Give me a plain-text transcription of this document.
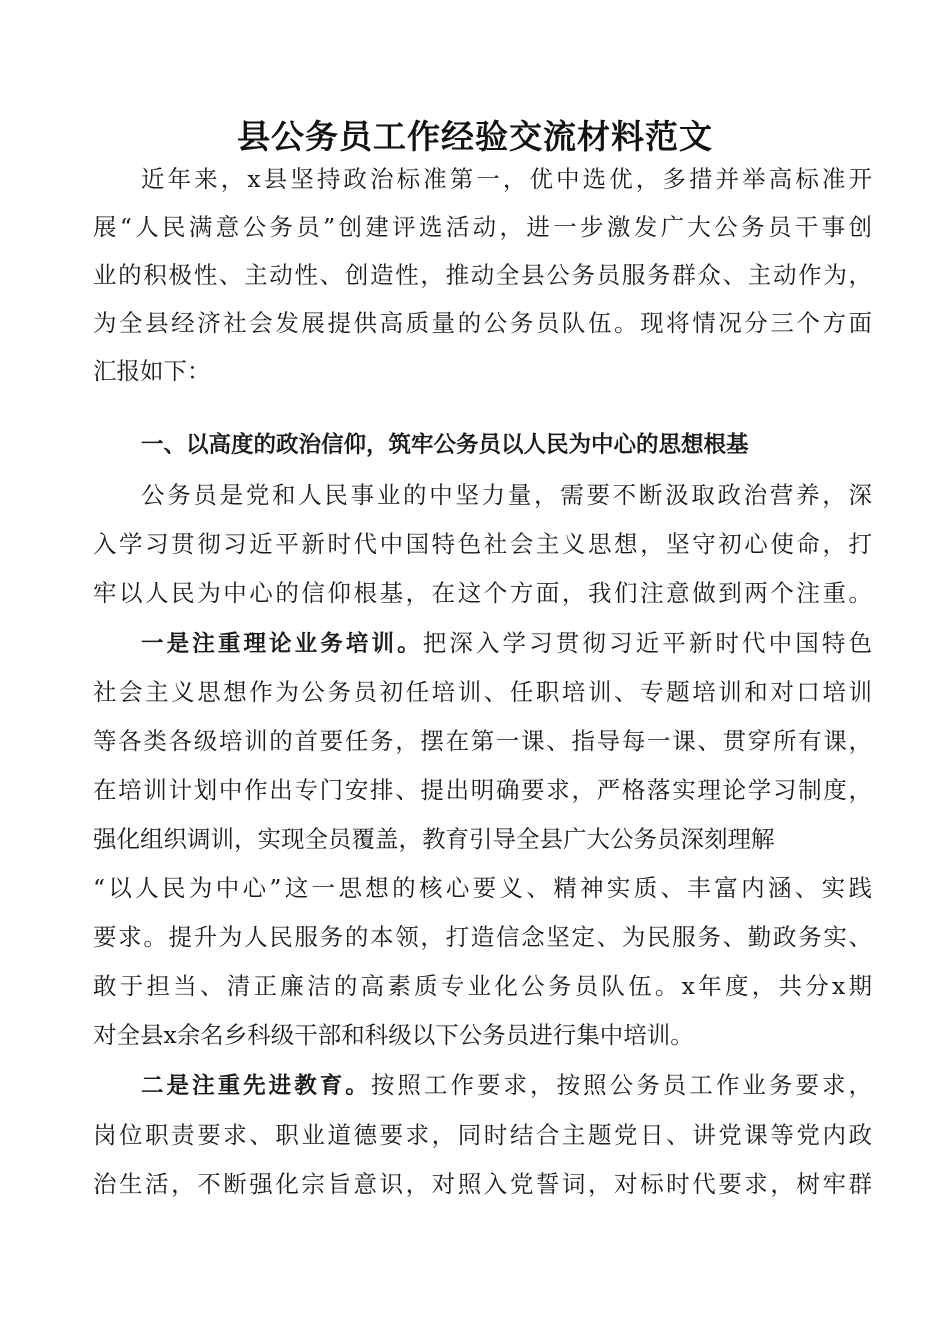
县公务员工作经验交流材料范文
近年来，x县坚持政治标准第一，优中选优，多措并举高标准开
展“人民满意公务员”创建评选活动，进一步激发广大公务员干事创
业的积极性、主动性、创造性，推动全县公务员服务群众、主动作为，
为全县经济社会发展提供高质量的公务员队伍。现将情况分三个方面
汇报如下：
一、以高度的政治信仰，筑牢公务员以人民为中心的思想根基
公务员是党和人民事业的中坚力量，需要不断汲取政治营养，深
入学习贯彻习近平新时代中国特色社会主义思想，坚守初心使命，打
牢以人民为中心的信仰根基，在这个方面，我们注意做到两个注重。
一是注重理论业务培训。把深入学习贯彻习近平新时代中国特色
社会主义思想作为公务员初任培训、任职培训、专题培训和对口培训
等各类各级培训的首要任务，摆在第一课、指导每一课、贯穿所有课，
在培训计划中作出专门安排、提出明确要求，严格落实理论学习制度，
强化组织调训，实现全员覆盖，教育引导全县广大公务员深刻理解
“以人民为中心”这一思想的核心要义、精神实质、丰富内涵、实践
要求。提升为人民服务的本领，打造信念坚定、为民服务、勤政务实、
敢于担当、清正廉洁的高素质专业化公务员队伍。x年度，共分x期
对全县x余名乡科级干部和科级以下公务员进行集中培训。
二是注重先进教育。按照工作要求，按照公务员工作业务要求，
岗位职责要求、职业道德要求，同时结合主题党日、讲党课等党内政
治生活，不断强化宗旨意识，对照入党誓词，对标时代要求，树牢群
